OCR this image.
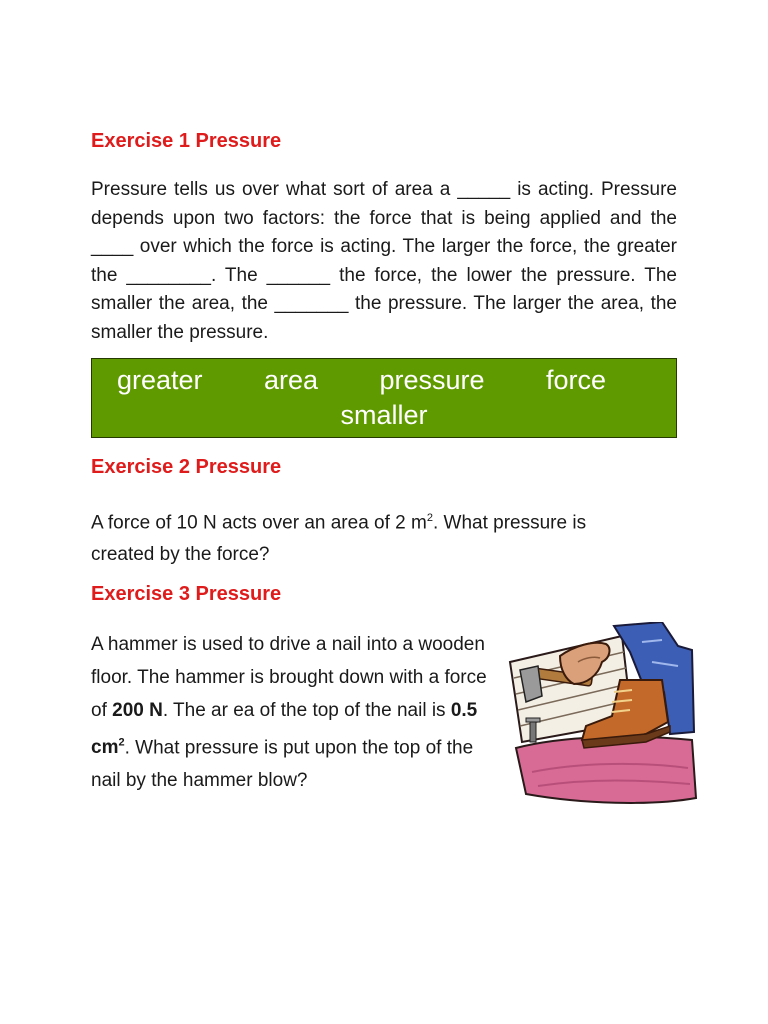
Exercise 1 Pressure

Pressure tells us over what sort of area a _____ is acting. Pressure depends upon two factors: the force that is being applied and the ____ over which the force is acting. The larger the force, the greater the ________. The ______ the force, the lower the pressure. The smaller the area, the _______ the pressure. The larger the area, the smaller the pressure.

greater area pressure force
smaller
Exercise 2 Pressure

A force of 10 N acts over an area of 2 $m^2$. What pressure is created by the force?

Exercise 3 Pressure

A hammer is used to drive a nail into a wooden floor. The hammer is brought down with a force of 200 N. The ar ea of the top of the nail is 0.5 $cm^2$. What pressure is put upon the top of the nail by the hammer blow?
